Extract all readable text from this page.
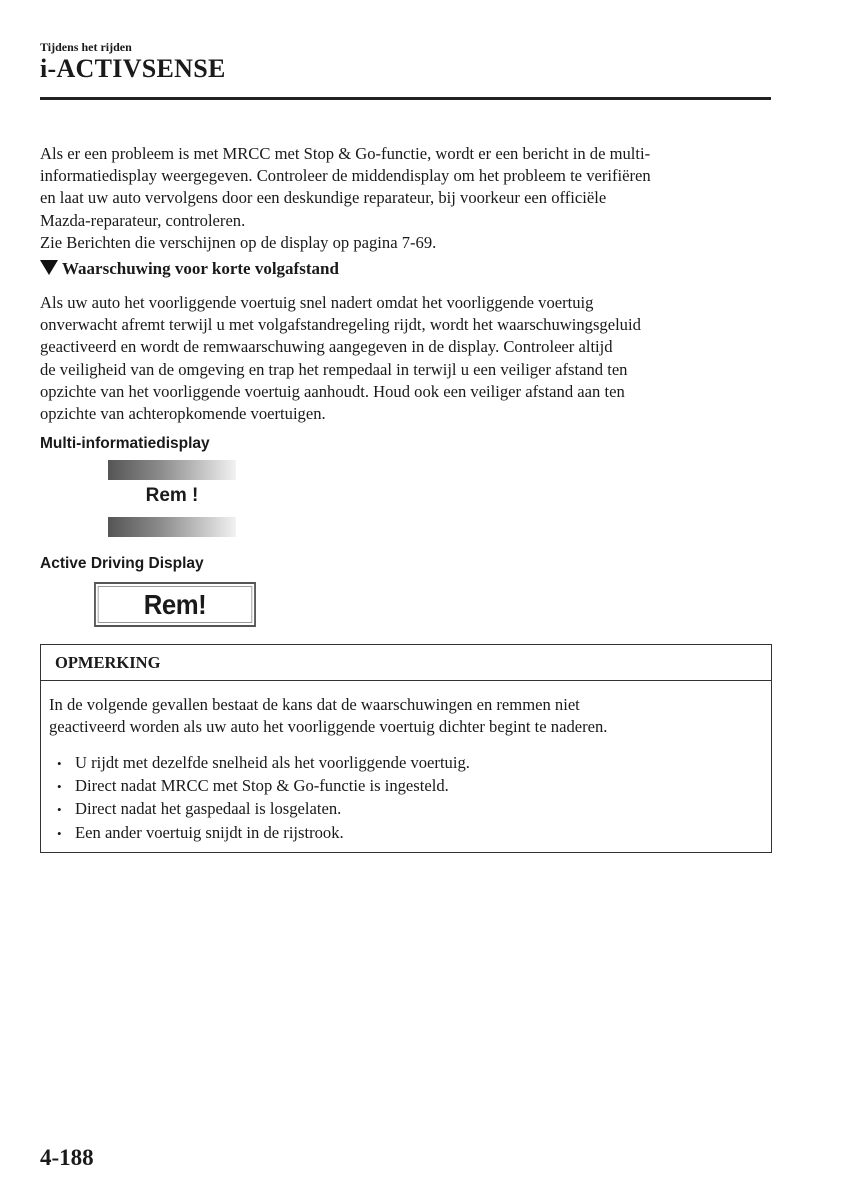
Tijdens het rijden
i-ACTIVSENSE

Als er een probleem is met MRCC met Stop & Go-functie, wordt er een bericht in de multi-
informatiedisplay weergegeven. Controleer de middendisplay om het probleem te verifiëren
en laat uw auto vervolgens door een deskundige reparateur, bij voorkeur een officiële
Mazda-reparateur, controleren.
Zie Berichten die verschijnen op de display op pagina 7-69.

Waarschuwing voor korte volgafstand

Als uw auto het voorliggende voertuig snel nadert omdat het voorliggende voertuig
onverwacht afremt terwijl u met volgafstandregeling rijdt, wordt het waarschuwingsgeluid
geactiveerd en wordt de remwaarschuwing aangegeven in de display. Controleer altijd
de veiligheid van de omgeving en trap het rempedaal in terwijl u een veiliger afstand ten
opzichte van het voorliggende voertuig aanhoudt. Houd ook een veiliger afstand aan ten
opzichte van achteropkomende voertuigen.

Multi-informatiedisplay
Rem !
Active Driving Display
Rem!
OPMERKING
In de volgende gevallen bestaat de kans dat de waarschuwingen en remmen niet
geactiveerd worden als uw auto het voorliggende voertuig dichter begint te naderen.
• U rijdt met dezelfde snelheid als het voorliggende voertuig.
• Direct nadat MRCC met Stop & Go-functie is ingesteld.
• Direct nadat het gaspedaal is losgelaten.
• Een ander voertuig snijdt in de rijstrook.
4-188
